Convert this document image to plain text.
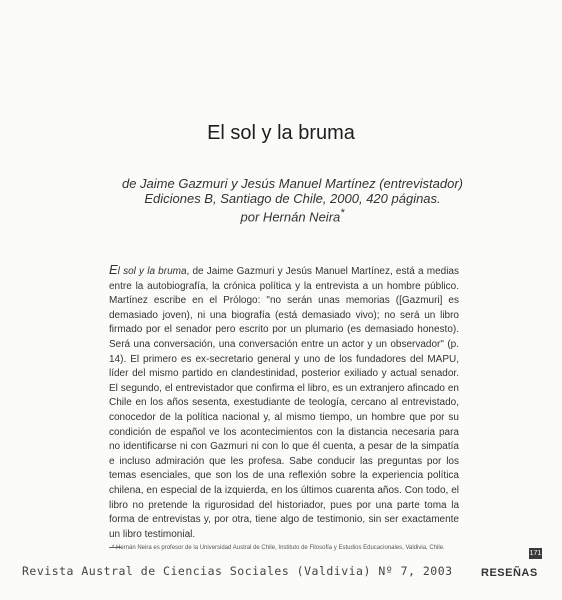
El sol y la bruma
de Jaime Gazmuri y Jesús Manuel Martínez (entrevistador)
Ediciones B, Santiago de Chile, 2000, 420 páginas.
por Hernán Neira*
El sol y la bruma, de Jaime Gazmuri y Jesús Manuel Martínez, está a medias entre la autobiografía, la crónica política y la entrevista a un hombre público. Martínez escribe en el Prólogo: "no serán unas memorias ([Gazmuri] es demasiado joven), ni una biografía (está demasiado vivo); no será un libro firmado por el senador pero escrito por un plumario (es demasiado honesto). Será una conversación, una conversación entre un actor y un observador" (p. 14). El primero es ex-secretario general y uno de los fundadores del MAPU, líder del mismo partido en clandestinidad, posterior exiliado y actual senador. El segundo, el entrevistador que confirma el libro, es un extranjero afincado en Chile en los años sesenta, exestudiante de teología, cercano al entrevistado, conocedor de la política nacional y, al mismo tiempo, un hombre que por su condición de español ve los acontecimientos con la distancia necesaria para no identificarse ni con Gazmuri ni con lo que él cuenta, a pesar de la simpatía e incluso admiración que les profesa. Sabe conducir las preguntas por los temas esenciales, que son los de una reflexión sobre la experiencia política chilena, en especial de la izquierda, en los últimos cuarenta años. Con todo, el libro no pretende la rigurosidad del historiador, pues por una parte toma la forma de entrevistas y, por otra, tiene algo de testimonio, sin ser exactamente un libro testimonial.
* Hernán Neira es profesor de la Universidad Austral de Chile, Instituto de Filosofía y Estudios Educacionales, Valdivia, Chile.
Revista Austral de Ciencias Sociales (Valdivia) Nº 7, 2003
171
RESEÑAS
